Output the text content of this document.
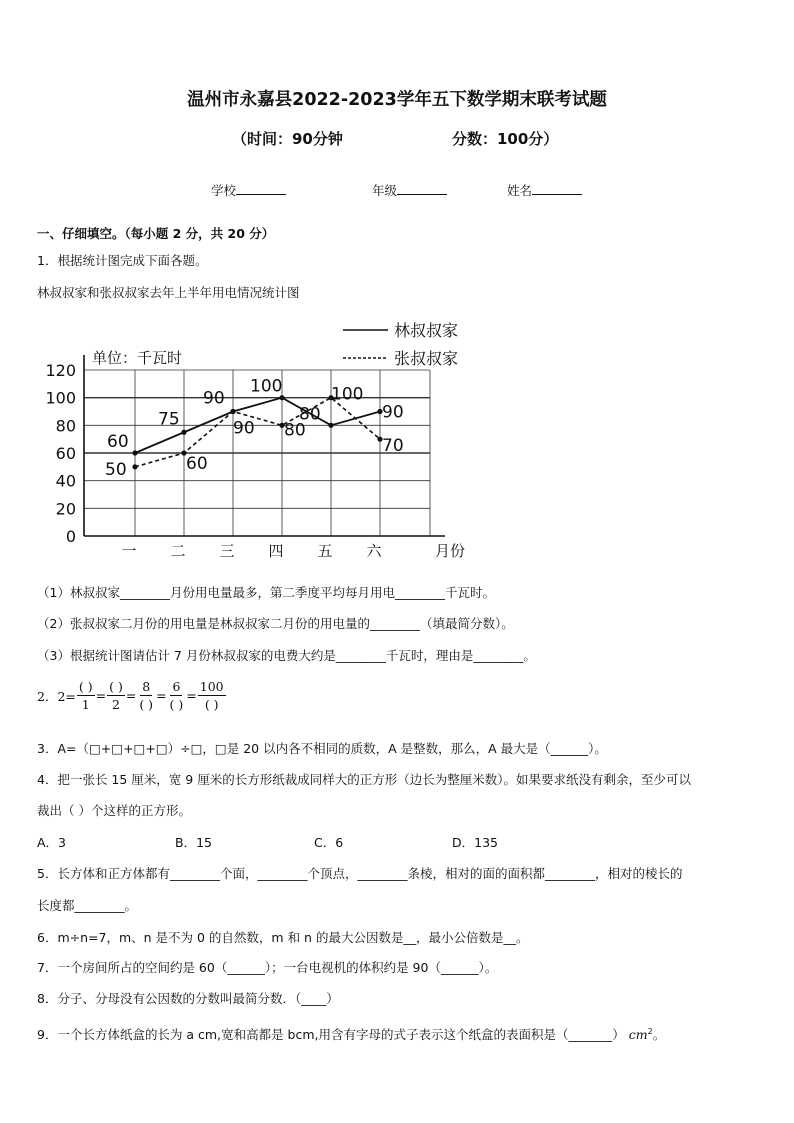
温州市永嘉县2022-2023学年五下数学期末联考试题
（时间：90分钟	分数：100分）
学校	年级	姓名
一、仔细填空。（每小题 2 分，共 20 分）
1．根据统计图完成下面各题。
林叔叔家和张叔叔家去年上半年用电情况统计图
0
20
40
60
80
100
120
一 二 三 四 五 六
60
75
90
100
80	90
50	60
90 80
100
70
林叔叔家
张叔叔家
单位：千瓦时
月份
（1）林叔叔家________月份用电量最多，第二季度平均每月用电________千瓦时。
（2）张叔叔家二月份的用电量是林叔叔家二月份的用电量的________（填最简分数）。
（3）根据统计图请估计 7 月份林叔叔家的电费大约是________千瓦时，理由是________。
2．$2= \frac{( )}{1} = \frac{( )}{2} = \frac{8}{( )} = \frac{6}{( )} = \frac{100}{( )}$
3．A=（□+□+□+□）÷□，□是 20 以内各不相同的质数，A 是整数，那么，A 最大是（______）。
4．把一张长 15 厘米，宽 9 厘米的长方形纸裁成同样大的正方形（边长为整厘米数）。如果要求纸没有剩余，至少可以
裁出（ ）个这样的正方形。
A．3	B．15	C．6	D．135
5．长方体和正方体都有________个面，________个顶点，________条棱，相对的面的面积都________，相对的棱长的
长度都________。
6．m÷n=7，m、n 是不为 0 的自然数，m 和 n 的最大公因数是__，最小公倍数是__。
7．一个房间所占的空间约是 60（______）；一台电视机的体积约是 90（______）。
8．分子、分母没有公因数的分数叫最简分数．（____）
9．一个长方体纸盒的长为 a cm,宽和高都是 bcm,用含有字母的式子表示这个纸盒的表面积是（_______） $cm^2$。
